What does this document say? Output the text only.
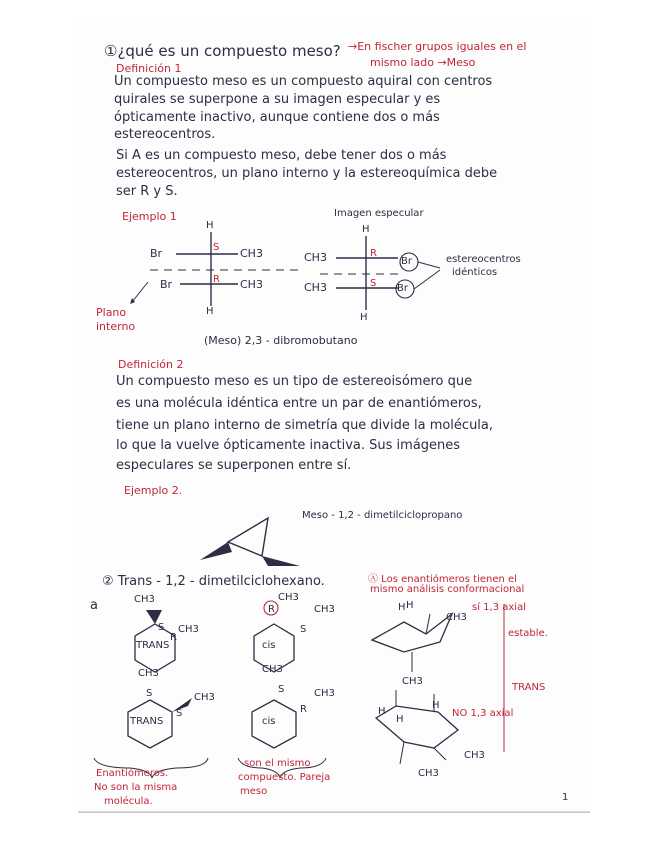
①¿qué es un compuesto meso? →En fischer grupos iguales en el
mismo lado →Meso
Definición 1
Un compuesto meso es un compuesto aquiral con centros
quirales se superpone a su imagen especular y es
ópticamente inactivo, aunque contiene dos o más
estereocentros.
Si A es un compuesto meso, debe tener dos o más
estereocentros, un plano interno y la estereoquímica debe
ser R y S.
Ejemplo 1	Imagen especular
H
S
R
Br
Br
CH3
CH3
H
H
R
S
CH3
CH3
Br
Br
H
estereocentros
idénticos
Plano
interno
(Meso) 2,3 - dibromobutano
Definición 2
Un compuesto meso es un tipo de estereoisómero que
es una molécula idéntica entre un par de enantiómeros,
tiene un plano interno de simetría que divide la molécula,
lo que la vuelve ópticamente inactiva. Sus imágenes
especulares se superponen entre sí.
Ejemplo 2.
Meso - 1,2 - dimetilciclopropano
② Trans - 1,2 - dimetilciclohexano.	Ⓐ Los enantiómeros tienen el
mismo análisis conformacional
a	CH3
CH3
S
R
TRANS
CH3
CH3
R
S
cis
CH3
CH3
S
S
TRANS
CH3
CH3
S
R
cis
H H
CH3
CH3
H
H
H
CH3
CH3
sí 1,3 axial
estable.
TRANS
NO 1,3 axial
Enantiómeros.
No son la misma
molécula.
son el mismo
compuesto. Pareja
meso
1
